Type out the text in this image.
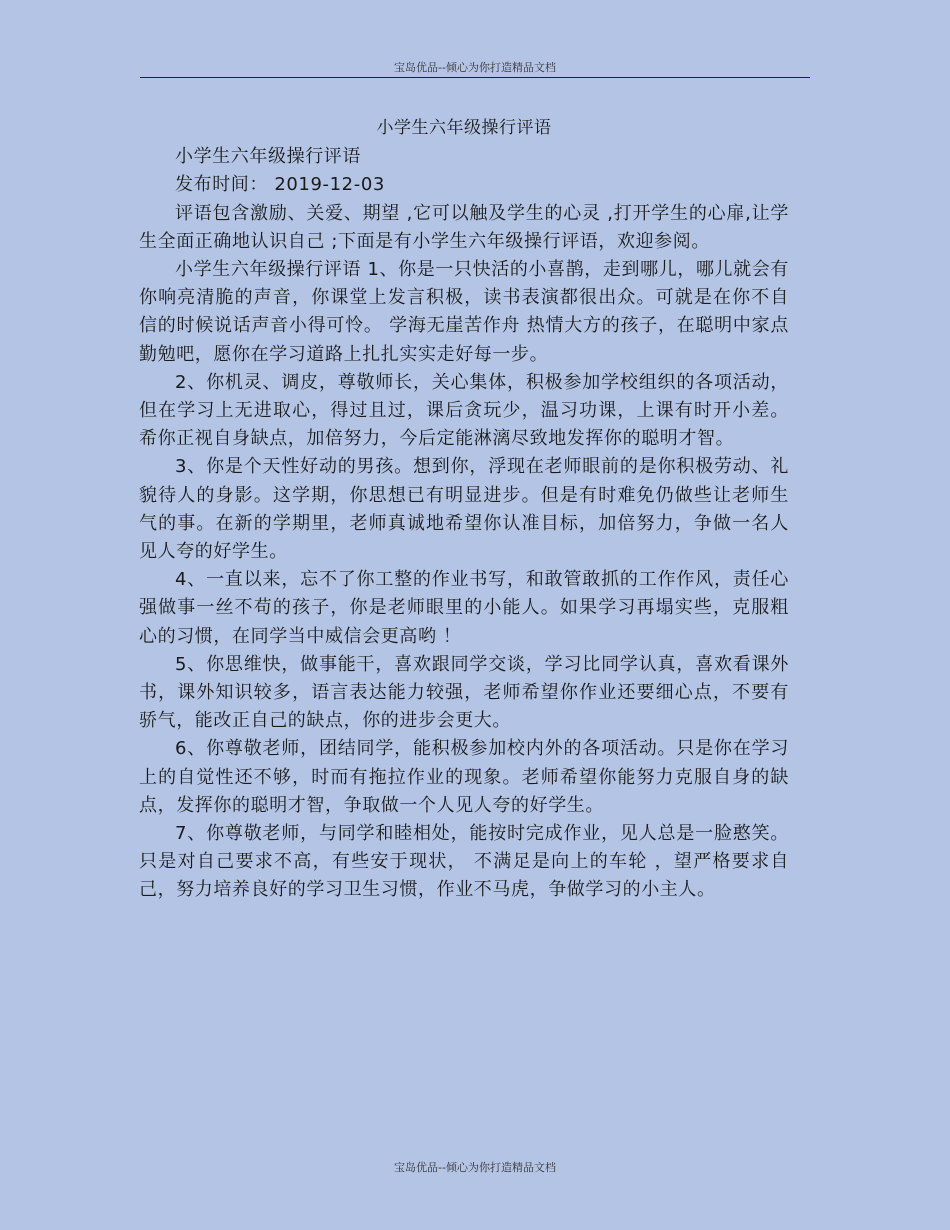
宝岛优品--倾心为你打造精品文档
小学生六年级操行评语

小学生六年级操行评语

发布时间： 2019-12-03

评语包含激励、关爱、期望 ,它可以触及学生的心灵 ,打开学生的心扉,让学生全面正确地认识自己 ;下面是有小学生六年级操行评语，欢迎参阅。

小学生六年级操行评语 1、你是一只快活的小喜鹊，走到哪儿，哪儿就会有你响亮清脆的声音，你课堂上发言积极，读书表演都很出众。可就是在你不自信的时候说话声音小得可怜。 学海无崖苦作舟 热情大方的孩子，在聪明中家点勤勉吧，愿你在学习道路上扎扎实实走好每一步。

2、你机灵、调皮，尊敬师长，关心集体，积极参加学校组织的各项活动，但在学习上无进取心，得过且过，课后贪玩少，温习功课，上课有时开小差。希你正视自身缺点，加倍努力，今后定能淋漓尽致地发挥你的聪明才智。

3、你是个天性好动的男孩。想到你，浮现在老师眼前的是你积极劳动、礼貌待人的身影。这学期，你思想已有明显进步。但是有时难免仍做些让老师生气的事。在新的学期里，老师真诚地希望你认准目标，加倍努力，争做一名人见人夸的好学生。

4、一直以来，忘不了你工整的作业书写，和敢管敢抓的工作作风，责任心强做事一丝不苟的孩子，你是老师眼里的小能人。如果学习再塌实些，克服粗心的习惯，在同学当中威信会更高哟 ！

5、你思维快，做事能干，喜欢跟同学交谈，学习比同学认真，喜欢看课外书，课外知识较多，语言表达能力较强，老师希望你作业还要细心点，不要有骄气，能改正自己的缺点，你的进步会更大。

6、你尊敬老师，团结同学，能积极参加校内外的各项活动。只是你在学习上的自觉性还不够，时而有拖拉作业的现象。老师希望你能努力克服自身的缺点，发挥你的聪明才智，争取做一个人见人夸的好学生。

7、你尊敬老师，与同学和睦相处，能按时完成作业，见人总是一脸憨笑。只是对自己要求不高，有些安于现状， 不满足是向上的车轮 ，望严格要求自己，努力培养良好的学习卫生习惯，作业不马虎，争做学习的小主人。

宝岛优品--倾心为你打造精品文档
